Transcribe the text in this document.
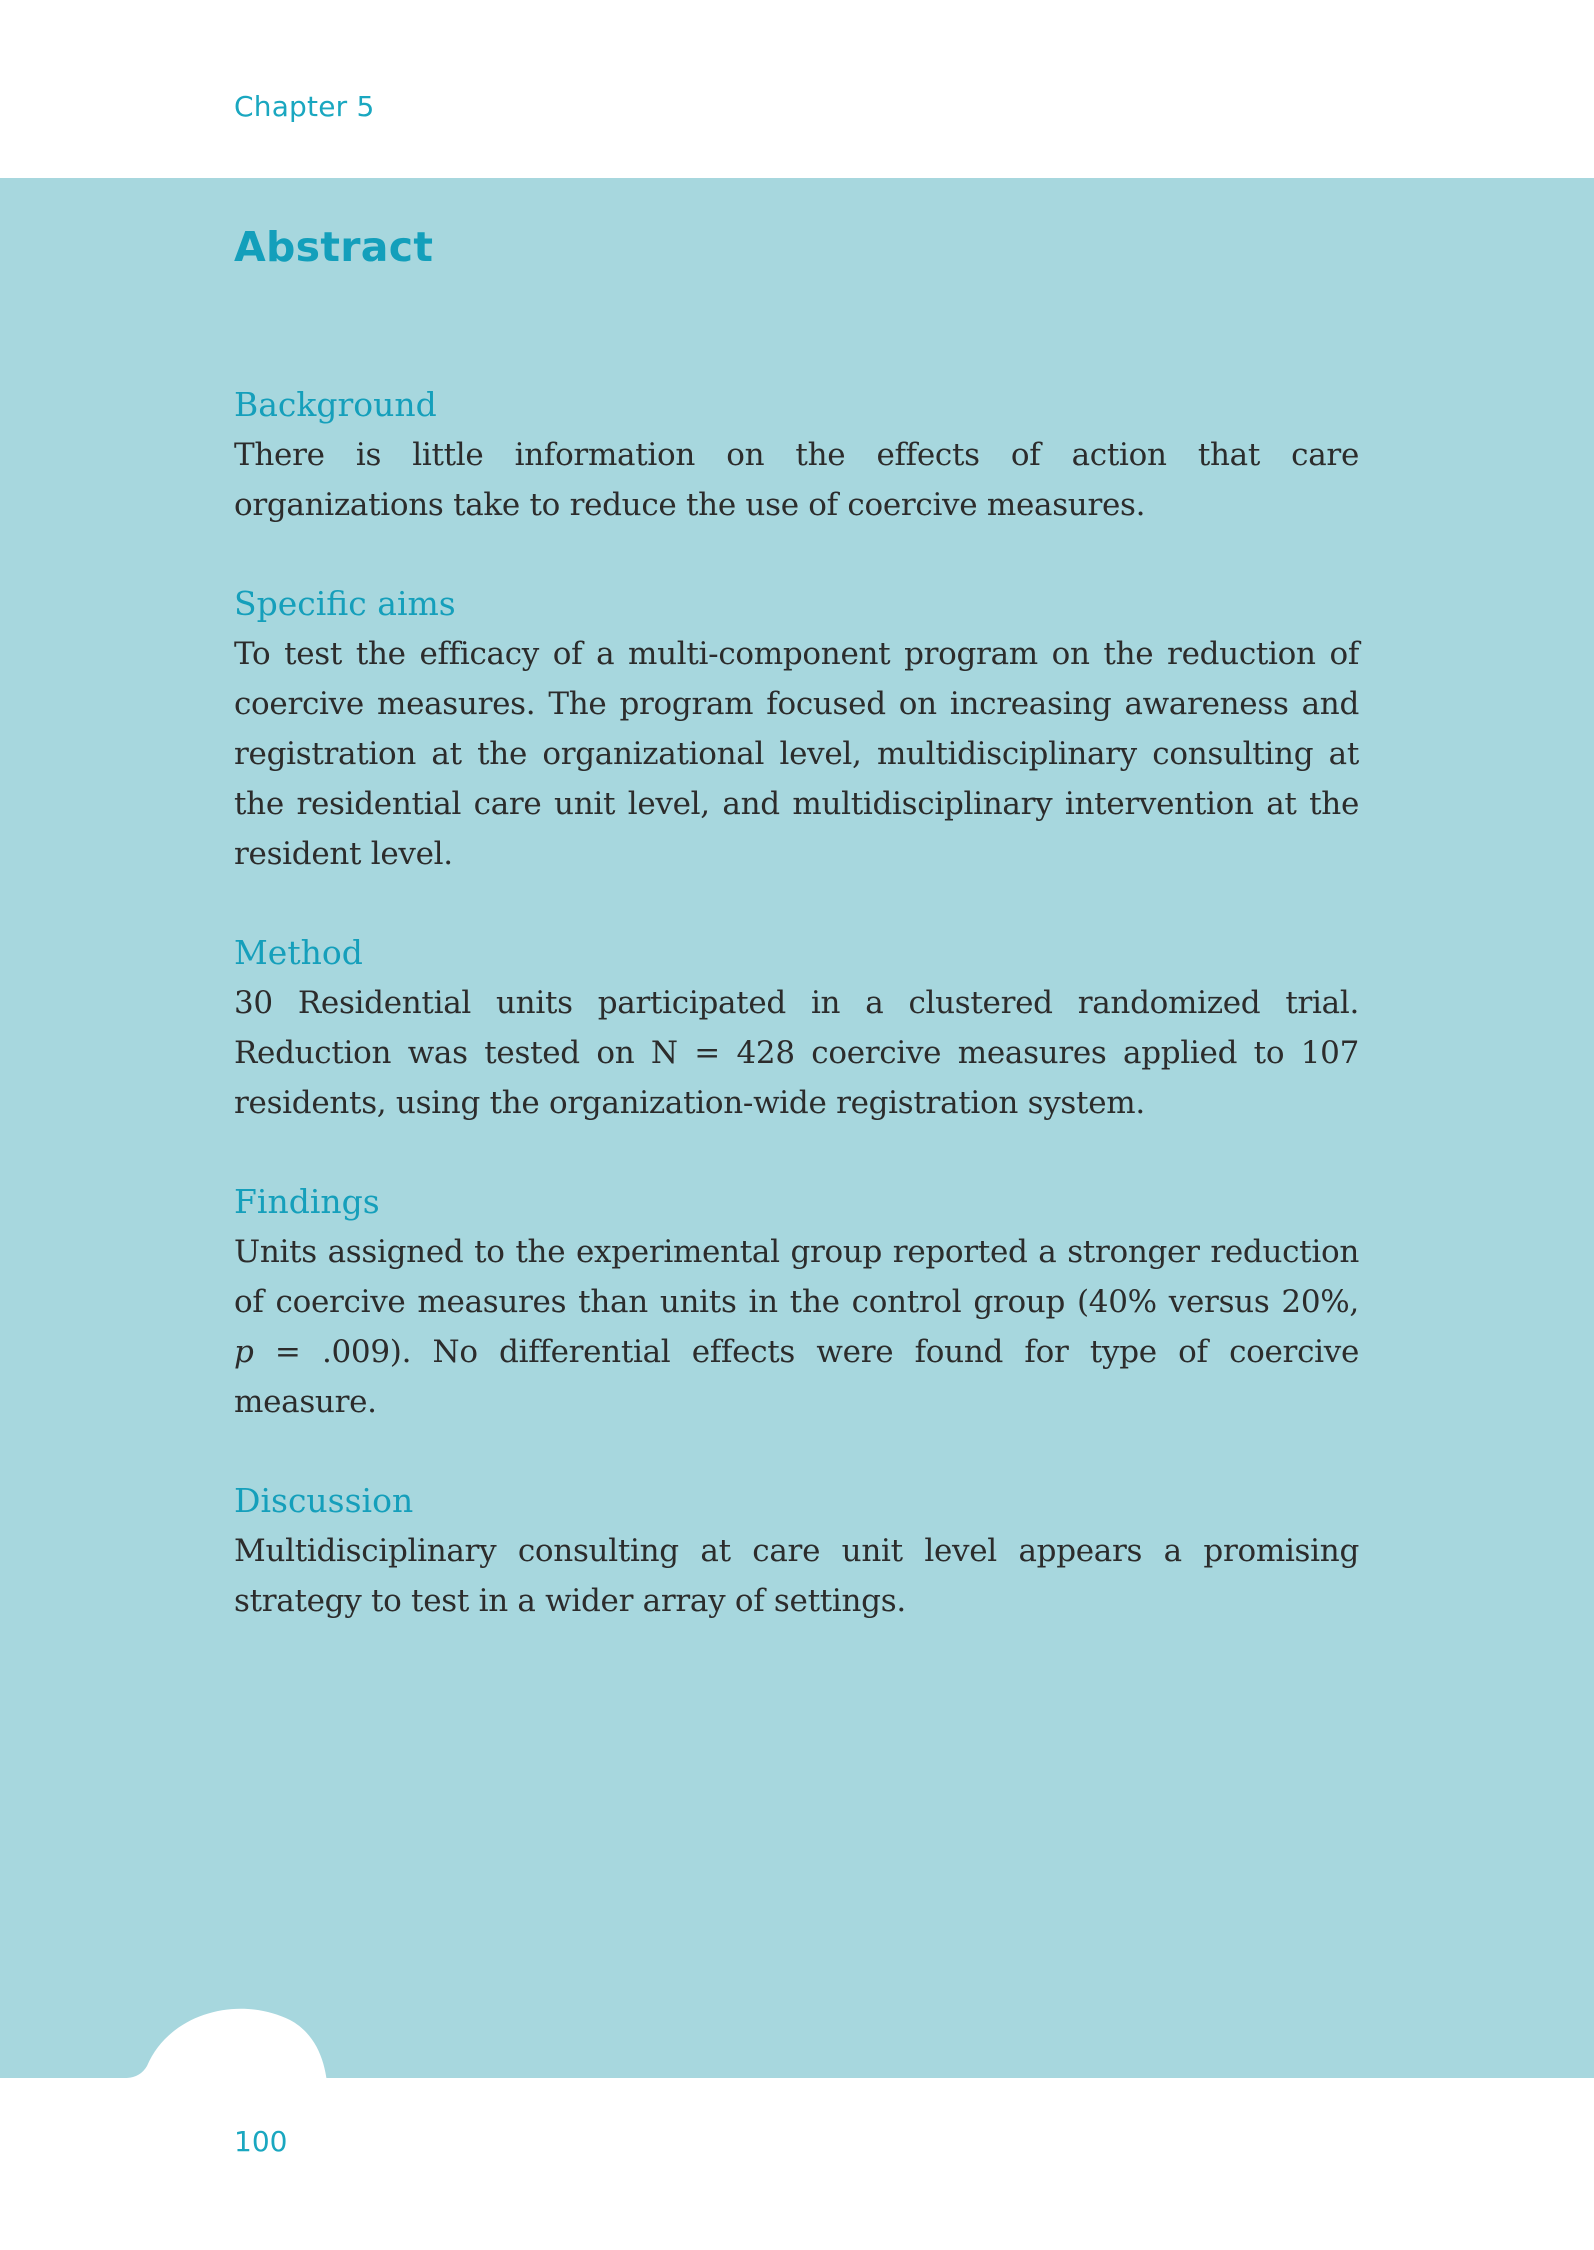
Chapter 5
Abstract
Background

There is little information on the effects of action that care organizations take to reduce the use of coercive measures.

Specific aims

To test the efficacy of a multi-component program on the reduction of coercive measures. The program focused on increasing awareness and registration at the organizational level, multidisciplinary consulting at the residential care unit level, and multidisciplinary intervention at the resident level.

Method

30 Residential units participated in a clustered randomized trial. Reduction was tested on N = 428 coercive measures applied to 107 residents, using the organization-wide registration system.

Findings

Units assigned to the experimental group reported a stronger reduction of coercive measures than units in the control group (40% versus 20%, p = .009). No differential effects were found for type of coercive measure.

Discussion

Multidisciplinary consulting at care unit level appears a promising strategy to test in a wider array of settings.

100
